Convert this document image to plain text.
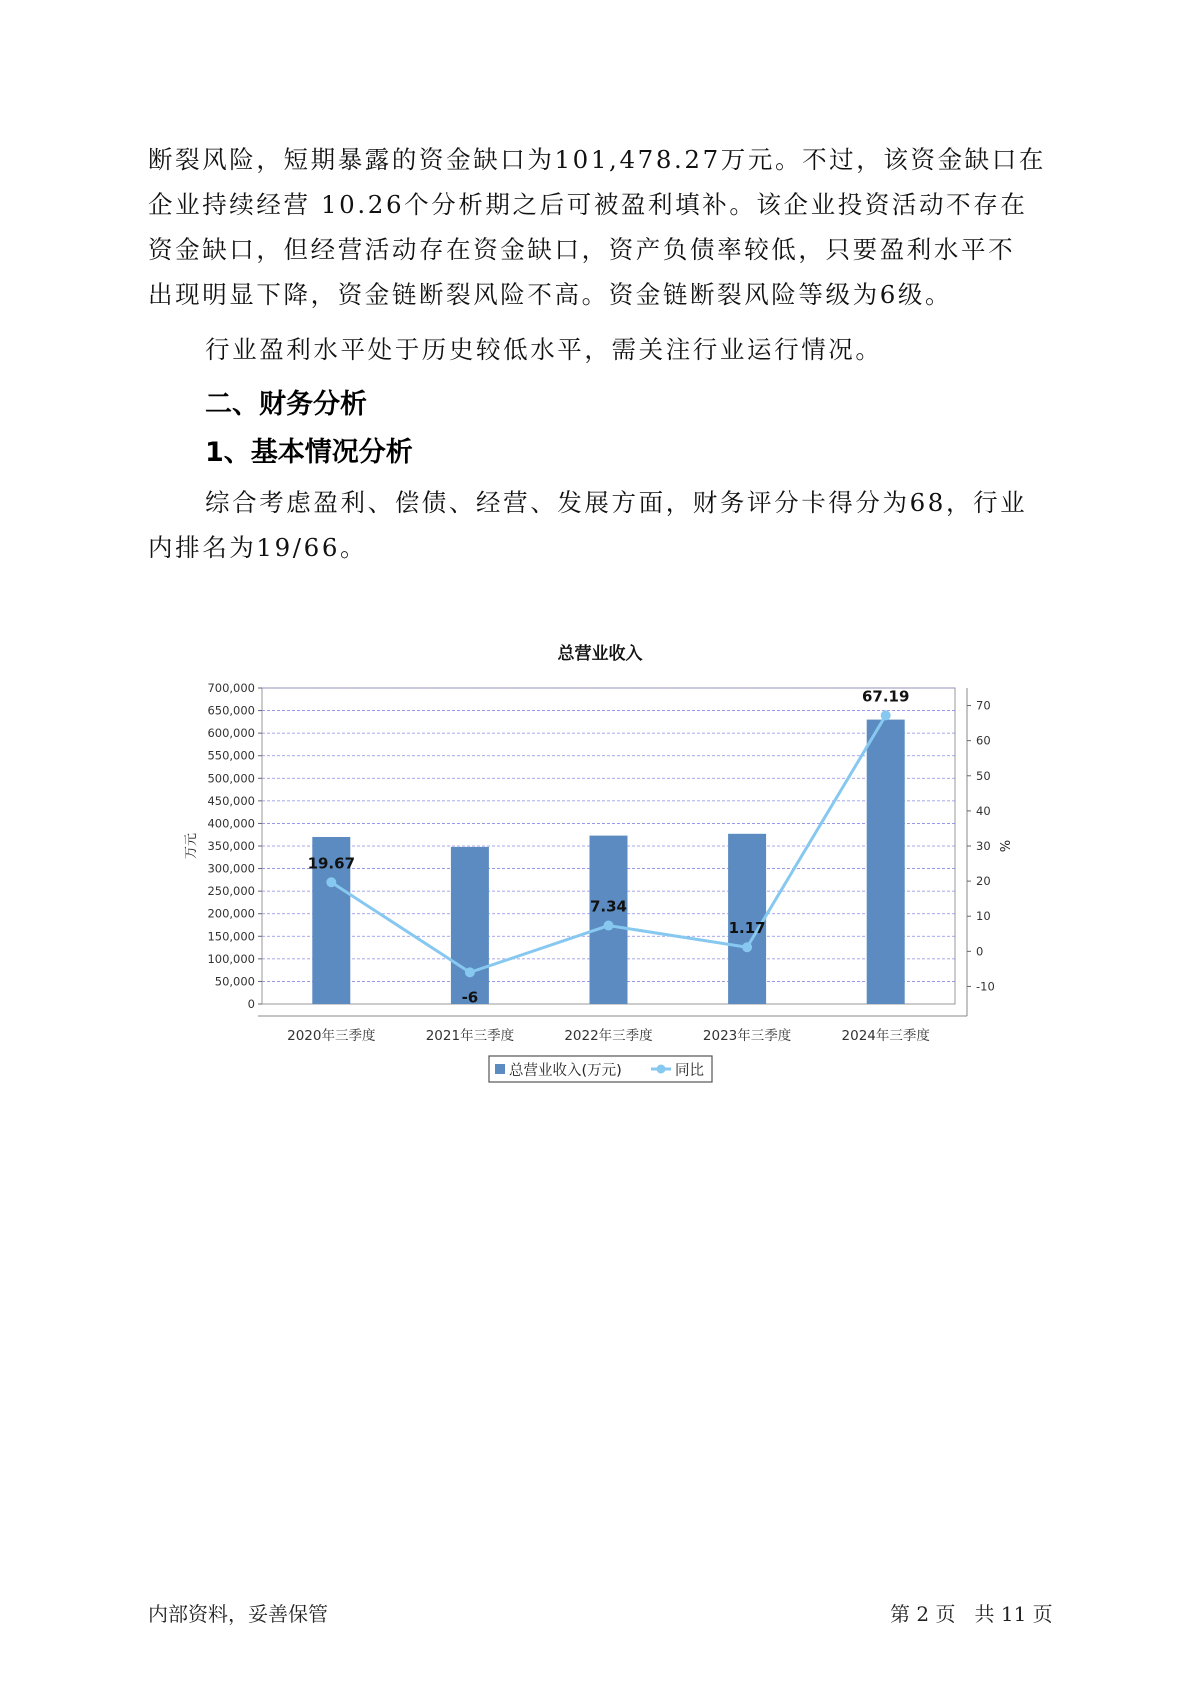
断裂风险，短期暴露的资金缺口为101,478.27万元。不过，该资金缺口在
企业持续经营 10.26个分析期之后可被盈利填补。该企业投资活动不存在
资金缺口，但经营活动存在资金缺口，资产负债率较低，只要盈利水平不
出现明显下降，资金链断裂风险不高。资金链断裂风险等级为6级。

行业盈利水平处于历史较低水平，需关注行业运行情况。

二、财务分析
1、基本情况分析
综合考虑盈利、偿债、经营、发展方面，财务评分卡得分为68，行业
内排名为19/66。
总营业收入
0
50,000
100,000
150,000
200,000
250,000
300,000
350,000
400,000
450,000
500,000
550,000
600,000
650,000
700,000
-10
0
10
20
30
40
50
60
70
万元	%
2020年三季度	2021年三季度	2022年三季度	2023年三季度	2024年三季度
19.67
-6
7.34
1.17
67.19
总营业收入(万元)	同比
内部资料，妥善保管	第 2 页   共 11 页
